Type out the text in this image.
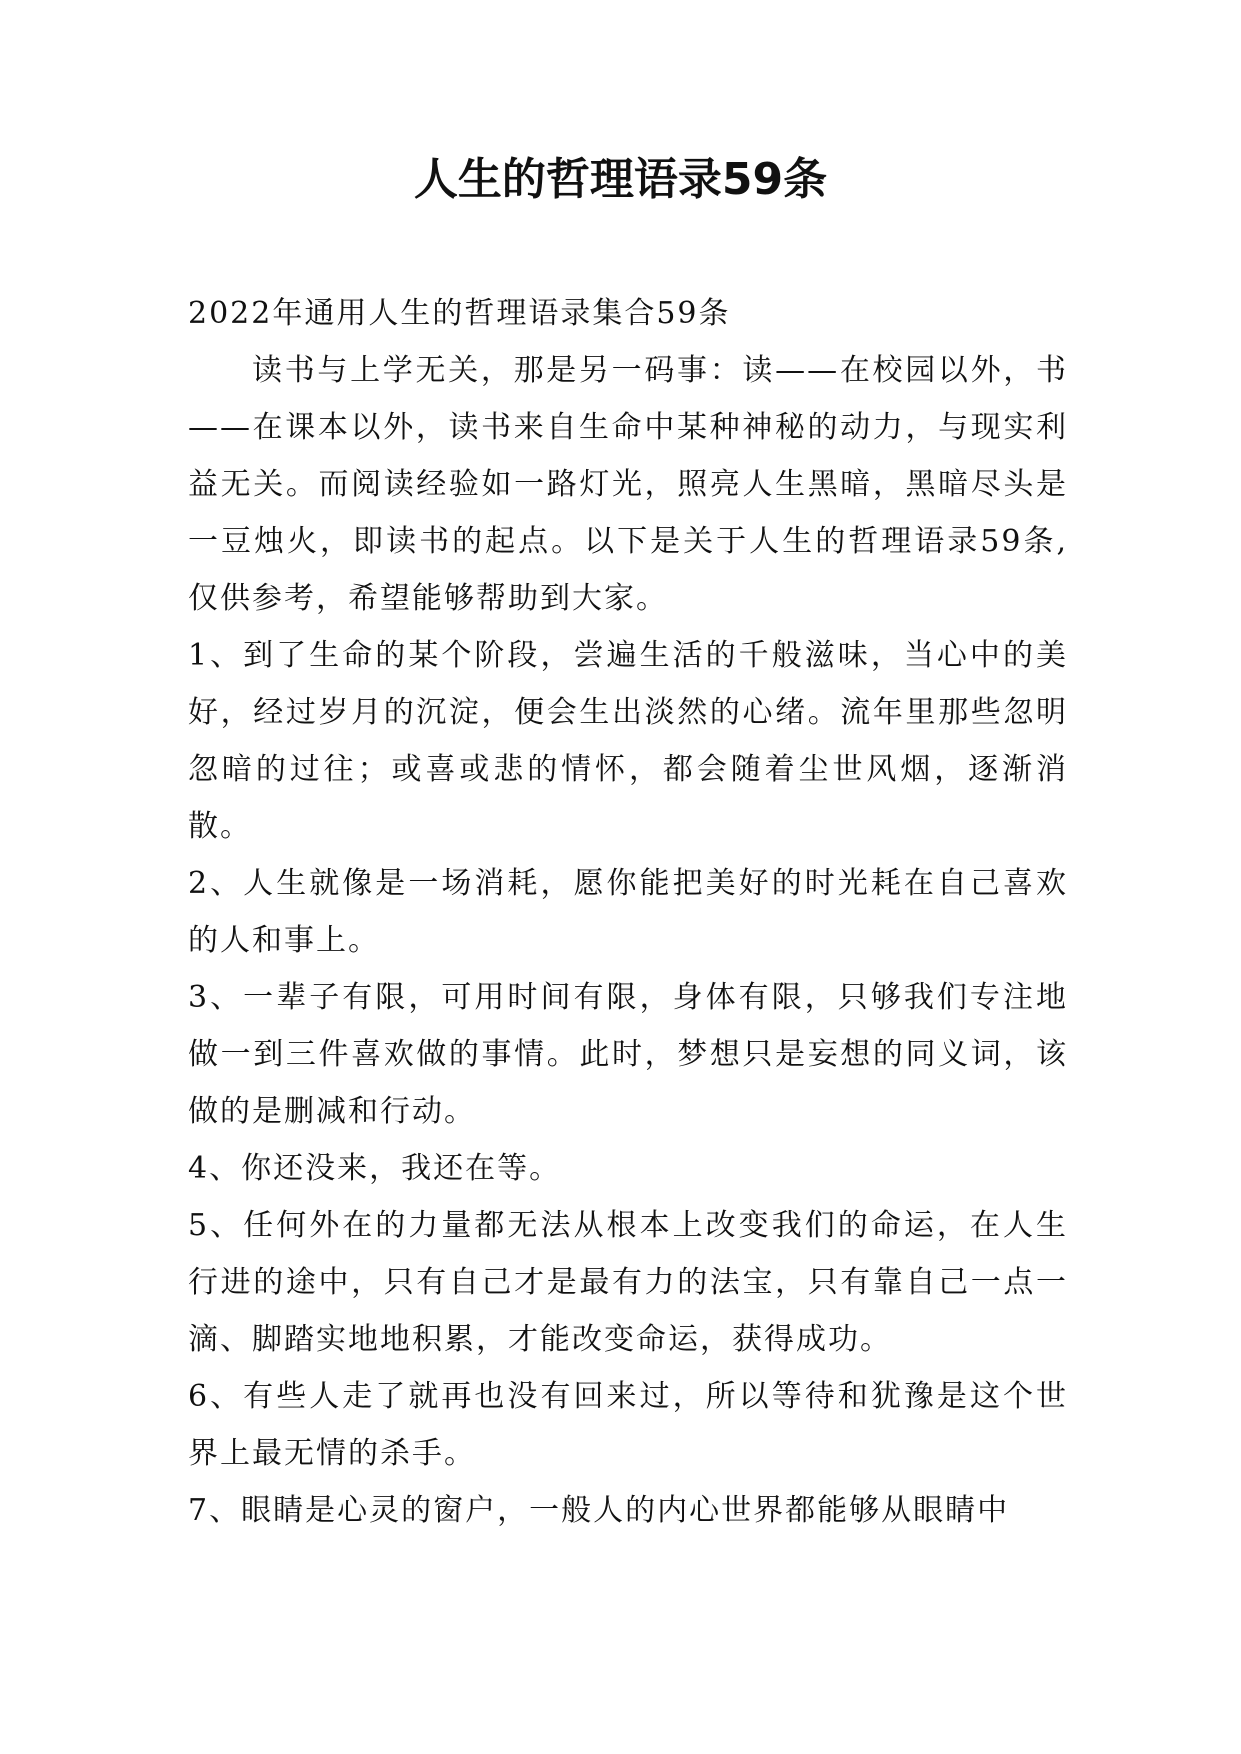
人生的哲理语录59条

2022年通用人生的哲理语录集合59条

读书与上学无关，那是另一码事：读——在校园以外，书——在课本以外，读书来自生命中某种神秘的动力，与现实利益无关。而阅读经验如一路灯光，照亮人生黑暗，黑暗尽头是一豆烛火，即读书的起点。以下是关于人生的哲理语录59条,仅供参考，希望能够帮助到大家。

1、到了生命的某个阶段，尝遍生活的千般滋味，当心中的美好，经过岁月的沉淀，便会生出淡然的心绪。流年里那些忽明忽暗的过往；或喜或悲的情怀，都会随着尘世风烟，逐渐消散。

2、人生就像是一场消耗，愿你能把美好的时光耗在自己喜欢的人和事上。

3、一辈子有限，可用时间有限，身体有限，只够我们专注地做一到三件喜欢做的事情。此时，梦想只是妄想的同义词，该做的是删减和行动。

4、你还没来，我还在等。

5、任何外在的力量都无法从根本上改变我们的命运，在人生行进的途中，只有自己才是最有力的法宝，只有靠自己一点一滴、脚踏实地地积累，才能改变命运，获得成功。

6、有些人走了就再也没有回来过，所以等待和犹豫是这个世界上最无情的杀手。

7、眼睛是心灵的窗户，一般人的内心世界都能够从眼睛中
